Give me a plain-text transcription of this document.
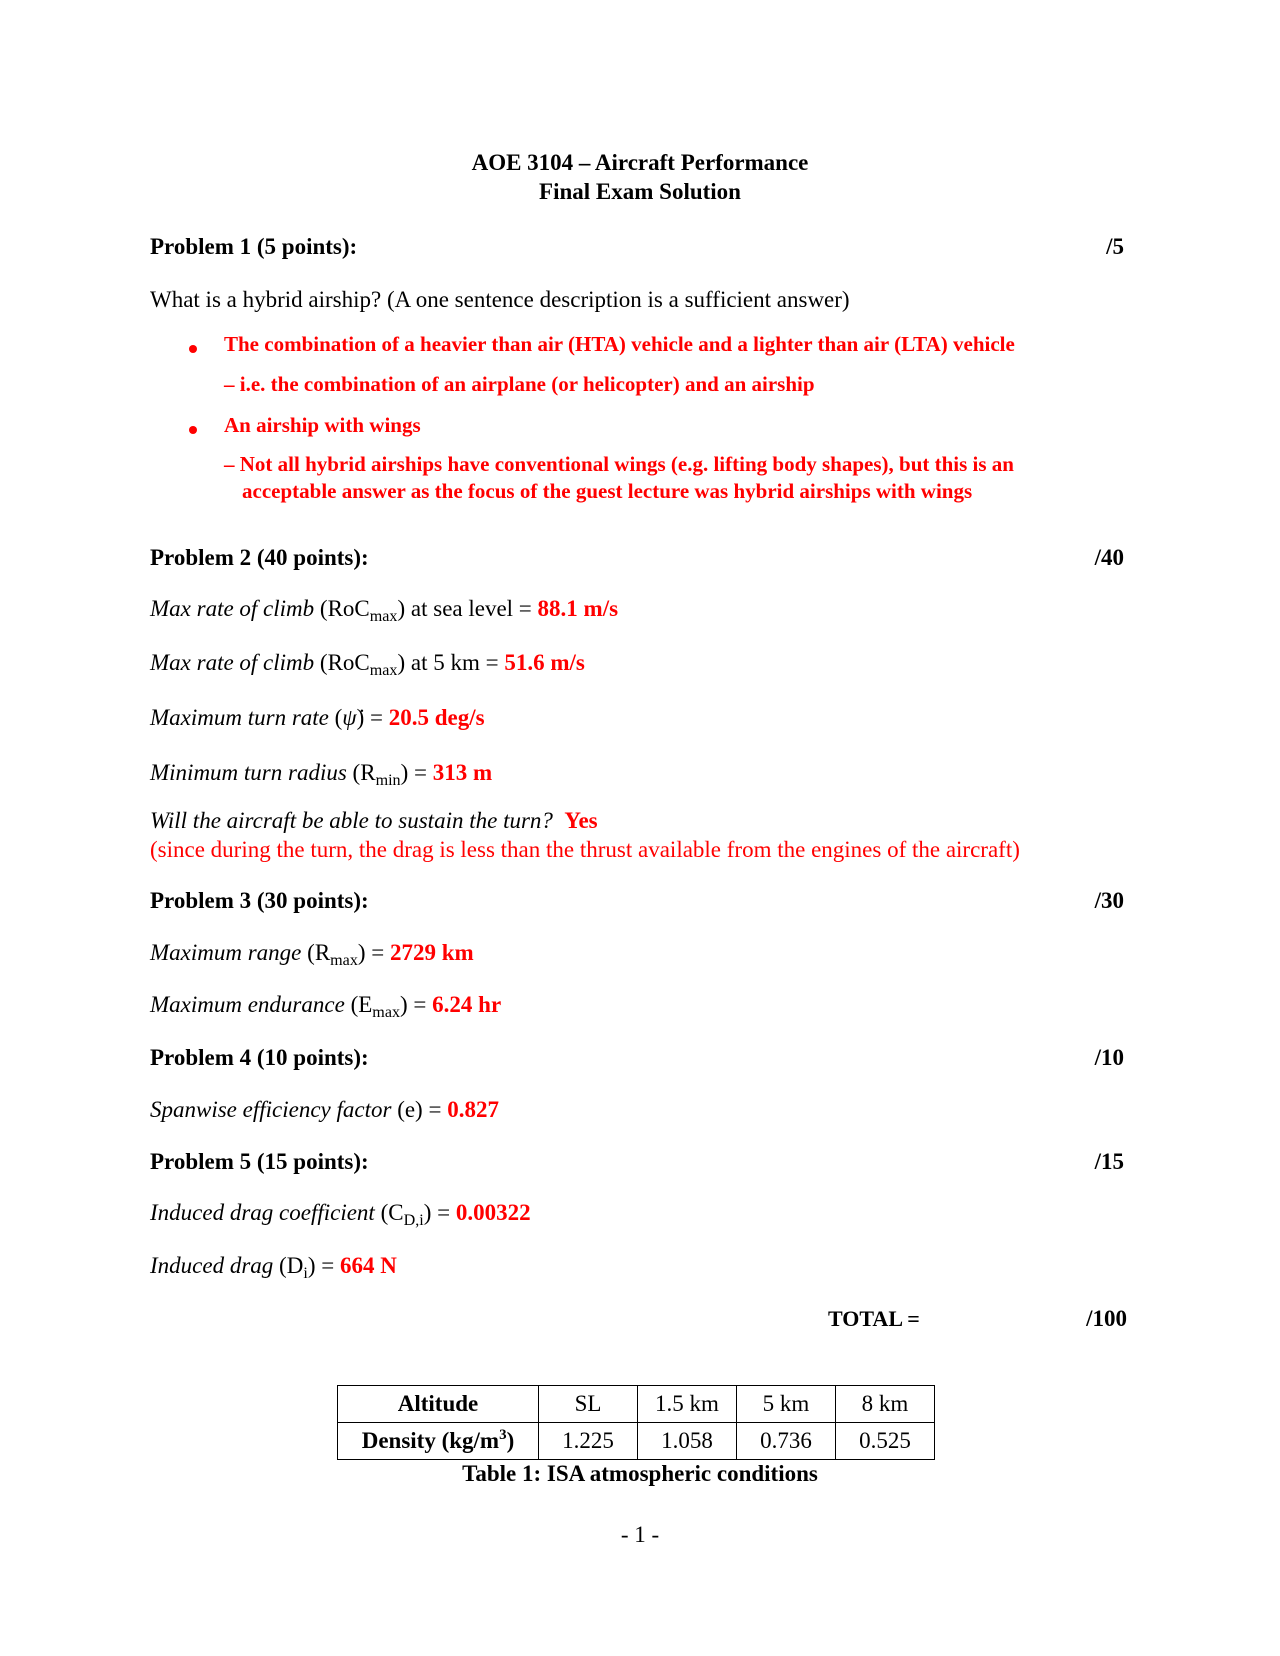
AOE 3104 – Aircraft Performance
Final Exam Solution
Problem 1 (5 points):	/5
What is a hybrid airship? (A one sentence description is a sufficient answer)
The combination of a heavier than air (HTA) vehicle and a lighter than air (LTA) vehicle
– i.e. the combination of an airplane (or helicopter) and an airship
An airship with wings
– Not all hybrid airships have conventional wings (e.g. lifting body shapes), but this is an
acceptable answer as the focus of the guest lecture was hybrid airships with wings
Problem 2 (40 points):	/40
Max rate of climb (RoC$_{max}$) at sea level = 88.1 m/s
Max rate of climb (RoC$_{max}$) at 5 km = 51.6 m/s
Maximum turn rate (ψ̇) = 20.5 deg/s
Minimum turn radius $(R_{min}) = 313$ m
Will the aircraft be able to sustain the turn? Yes
(since during the turn, the drag is less than the thrust available from the engines of the aircraft)
Problem 3 (30 points):	/30
Maximum range $(R_{max}) = 2729$ km
Maximum endurance $(E_{max}) = 6.24$ hr
Problem 4 (10 points):	/10
Spanwise efficiency factor (e) = 0.827
Problem 5 (15 points):	/15
Induced drag coefficient $(C_{D,i}) = 0.00322$
Induced drag $(D_i) = 664$ N
TOTAL =	/100
Altitude	SL	1.5 km	5 km	8 km
Density $(kg/m^3)$	1.225	1.058	0.736	0.525
Table 1: ISA atmospheric conditions
- 1 -
